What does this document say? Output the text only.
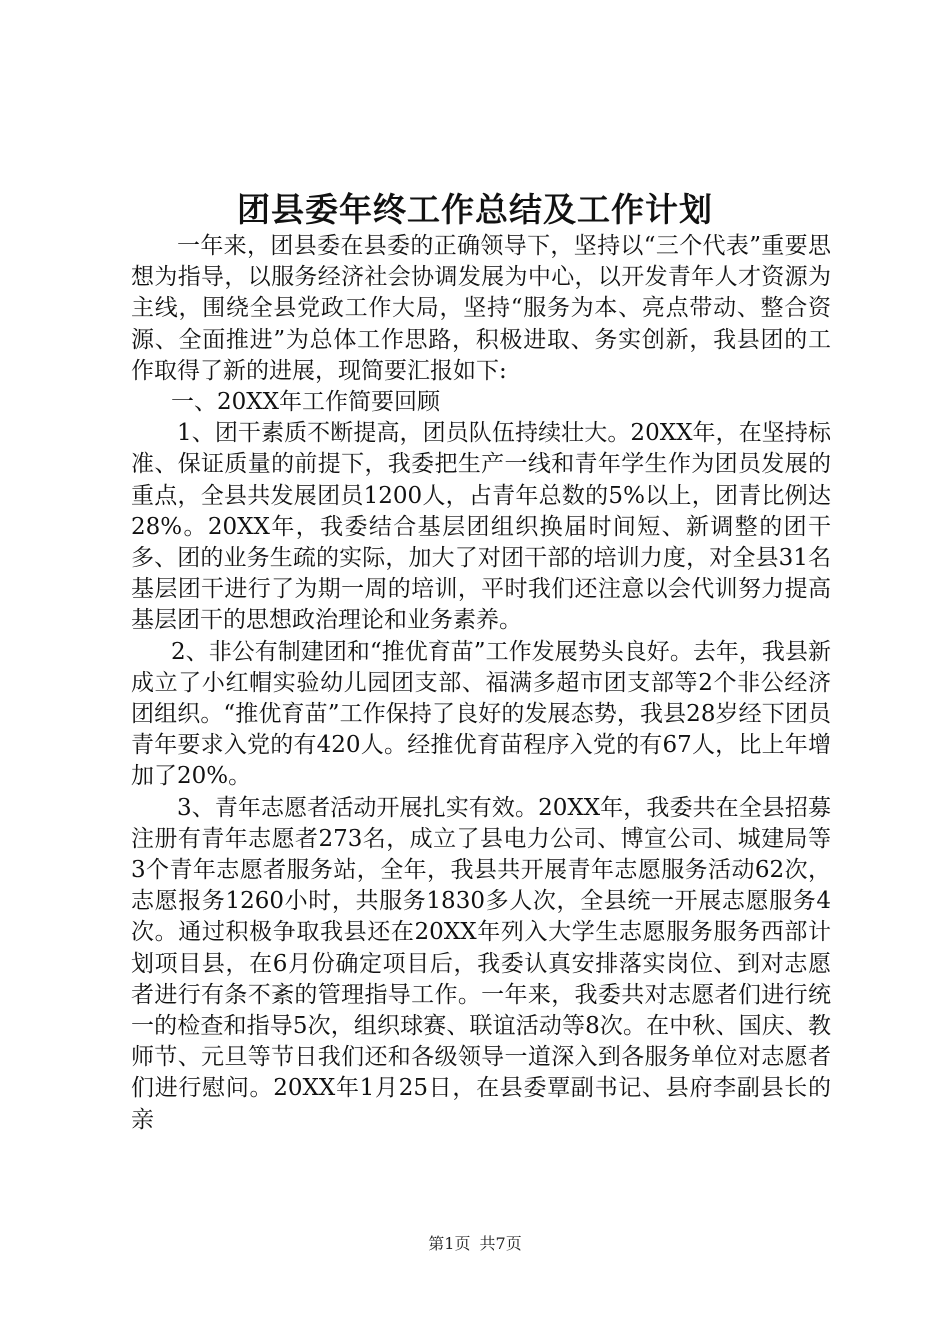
团县委年终工作总结及工作计划

一年来，团县委在县委的正确领导下，坚持以“三个代表”重要思想为指导，以服务经济社会协调发展为中心，以开发青年人才资源为主线，围绕全县党政工作大局，坚持“服务为本、亮点带动、整合资源、全面推进”为总体工作思路，积极进取、务实创新，我县团的工作取得了新的进展，现简要汇报如下:

一、20XX年工作简要回顾

1、团干素质不断提高，团员队伍持续壮大。20XX年，在坚持标准、保证质量的前提下，我委把生产一线和青年学生作为团员发展的重点，全县共发展团员1200人，占青年总数的5%以上，团青比例达28%。20XX年，我委结合基层团组织换届时间短、新调整的团干多、团的业务生疏的实际，加大了对团干部的培训力度，对全县31名基层团干进行了为期一周的培训，平时我们还注意以会代训努力提高基层团干的思想政治理论和业务素养。

2、非公有制建团和“推优育苗”工作发展势头良好。去年，我县新成立了小红帽实验幼儿园团支部、福满多超市团支部等2个非公经济团组织。“推优育苗”工作保持了良好的发展态势，我县28岁经下团员青年要求入党的有420人。经推优育苗程序入党的有67人，比上年增加了20%。

3、青年志愿者活动开展扎实有效。20XX年，我委共在全县招募注册有青年志愿者273名，成立了县电力公司、博宣公司、城建局等3个青年志愿者服务站，全年，我县共开展青年志愿服务活动62次，志愿报务1260小时，共服务1830多人次，全县统一开展志愿服务4次。通过积极争取我县还在20XX年列入大学生志愿服务服务西部计划项目县，在6月份确定项目后，我委认真安排落实岗位、到对志愿者进行有条不紊的管理指导工作。一年来，我委共对志愿者们进行统一的检查和指导5次，组织球赛、联谊活动等8次。在中秋、国庆、教师节、元旦等节日我们还和各级领导一道深入到各服务单位对志愿者们进行慰问。20XX年1月25日，在县委覃副书记、县府李副县长的亲

第1页 共7页
